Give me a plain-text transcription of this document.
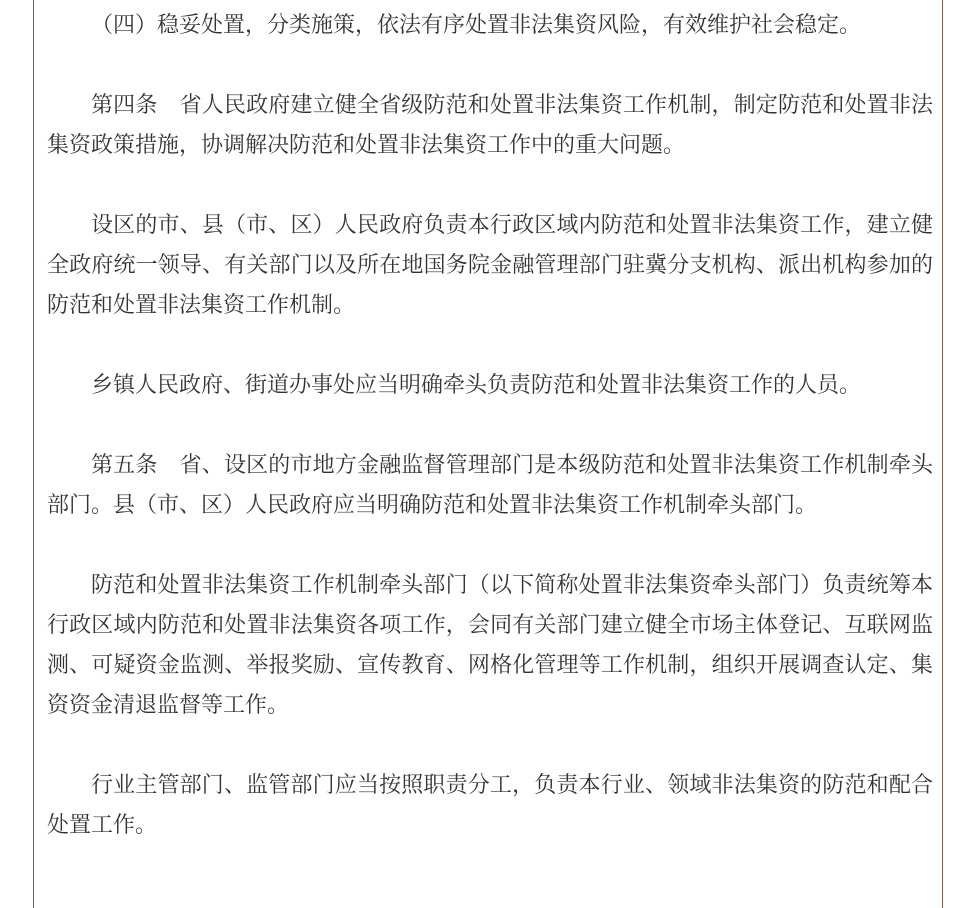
（四）稳妥处置，分类施策，依法有序处置非法集资风险，有效维护社会稳定。

第四条　省人民政府建立健全省级防范和处置非法集资工作机制，制定防范和处置非法集资政策措施，协调解决防范和处置非法集资工作中的重大问题。

设区的市、县（市、区）人民政府负责本行政区域内防范和处置非法集资工作，建立健全政府统一领导、有关部门以及所在地国务院金融管理部门驻冀分支机构、派出机构参加的防范和处置非法集资工作机制。

乡镇人民政府、街道办事处应当明确牵头负责防范和处置非法集资工作的人员。

第五条　省、设区的市地方金融监督管理部门是本级防范和处置非法集资工作机制牵头部门。县（市、区）人民政府应当明确防范和处置非法集资工作机制牵头部门。

防范和处置非法集资工作机制牵头部门（以下简称处置非法集资牵头部门）负责统筹本行政区域内防范和处置非法集资各项工作，会同有关部门建立健全市场主体登记、互联网监测、可疑资金监测、举报奖励、宣传教育、网格化管理等工作机制，组织开展调查认定、集资资金清退监督等工作。

行业主管部门、监管部门应当按照职责分工，负责本行业、领域非法集资的防范和配合处置工作。
